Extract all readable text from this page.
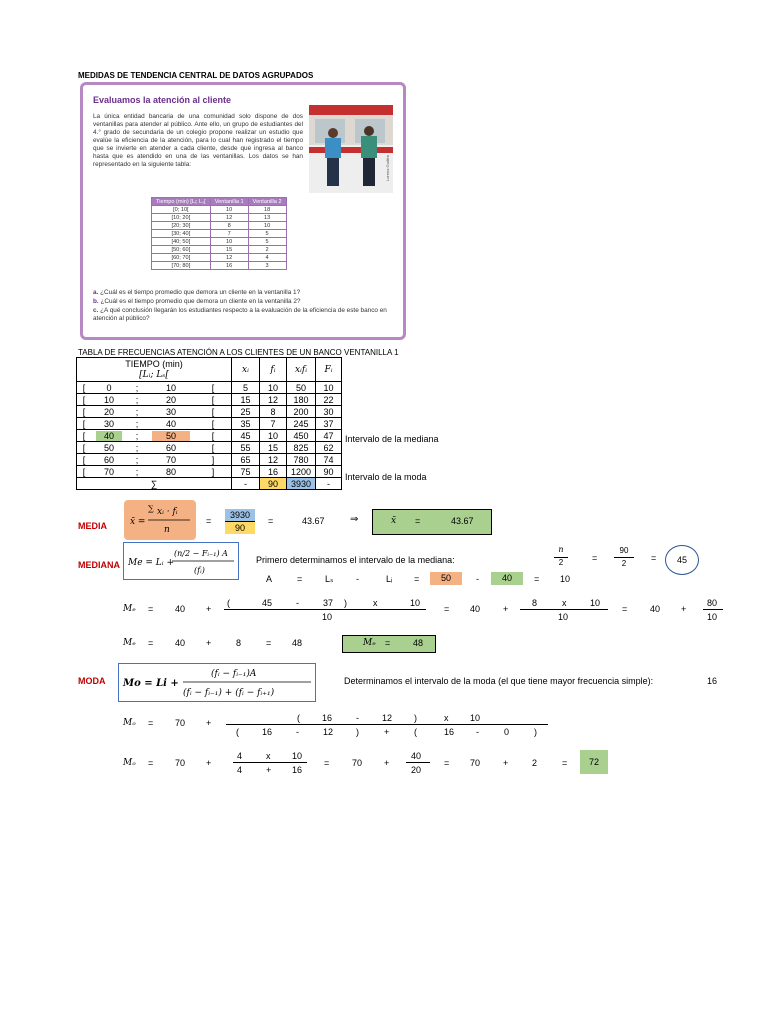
MEDIDAS DE TENDENCIA CENTRAL DE DATOS AGRUPADOS
Evaluamos la atención al cliente
La única entidad bancaria de una comunidad solo dispone de dos ventanillas para atender al público. Ante ello, un grupo de estudiantes del 4.° grado de secundaria de un colegio propone realizar un estudio que evalúe la eficiencia de la atención, para lo cual han registrado el tiempo que se invierte en atender a cada cliente, desde que ingresa al banco hasta que es atendido en una de las ventanillas. Los datos se han representado en la siguiente tabla:	Lorena Guillén
Tiempo (min) [Lᵢ; Lₛ[	Ventanilla 1	Ventanilla 2
[0; 10[	10	18
[10; 20[	12	13
[20; 30[	8	10
[30; 40[	7	5
[40; 50[	10	5
[50; 60[	15	2
[60; 70[	12	4
[70; 80[	16	3
a. ¿Cuál es el tiempo promedio que demora un cliente en la ventanilla 1?
b. ¿Cuál es el tiempo promedio que demora un cliente en la ventanilla 2?
c. ¿A qué conclusión llegarán los estudiantes respecto a la evaluación de la eficiencia de este banco en atención al público?
TABLA DE FRECUENCIAS ATENCIÓN A LOS CLIENTES DE UN BANCO VENTANILLA 1
TIEMPO (min)
[Lᵢ; Lₛ[					xᵢ	fᵢ	xᵢfᵢ	Fᵢ
[	0	;	10	[	5	10	50	10
[	10	;	20	[	15	12	180	22
[	20	;	30	[	25	8	200	30
[	30	;	40	[	35	7	245	37
[	40	;	50	[	45	10	450	47
[	50	;	60	[	55	15	825	62
[	60	;	70	]	65	12	780	74
[	70	;	80	]	75	16	1200	90
∑					-	90	3930	-
Intervalo de la mediana
Intervalo de la moda
MEDIA	x̄ =
∑ xᵢ · fᵢ
n
=
3930
90
=	43.67	⇒	x̄ =	43.67
MEDIANA Me = Lᵢ +
(n/2 − Fᵢ₋₁) A
(fᵢ)
Primero determinamos el intervalo de la mediana:
n
2	=
90
2
=	45
A	=	Lₛ	-	Lᵢ =	50	-	40	= 10
Mₑ = 40 +
(	45	-	37 )	x	10
10
= 40	+
8	x	10
10
=	40 +
80
10
Mₑ = 40 +	8	= 48	Mₑ =	48
MODA Mo = Li +
(fᵢ − fᵢ₋₁)A
(fᵢ − fᵢ₋₁) + (fᵢ − fᵢ₊₁)
Determinamos el intervalo de la moda (el que tiene mayor frecuencia simple):	16
Mₒ = 70 +	( 16	-	12 )	x 10
(	16	-	12	)	+	(	16 -	0	)
Mₒ = 70 +
4	x 10
4	+ 16
=	70 +
40
20
= 70	+	2	=	72
